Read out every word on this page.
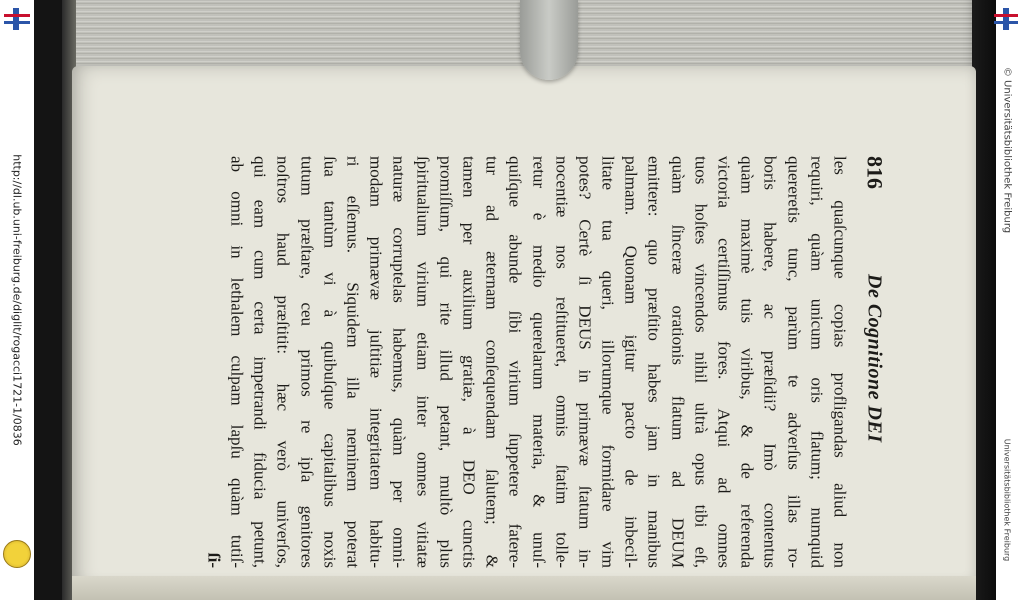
http://dl.ub.uni-freiburg.de/diglit/rogacci1721-1/0836
© Universitätsbibliothek Freiburg
Universitätsbibliothek Freiburg
816
De Cognitione DEI
les quaſcunque copias profligandas aliud non
requiri, quàm unicum oris flatum; numquid
quereretis tunc, parùm te adverſus illas ro-
boris habere, ac præſidii? Imò contentus
quàm maximè tuis viribus, & de referenda
victoria certiſſimus fores. Atqui ad omnes
tuos hoſtes vincendos nihil ultrà opus tibi eſt,
quàm ſinceræ orationis flatum ad DEUM
emittere: quo præſtito habes jam in manibus
palmam. Quonam igitur pacto de inbecil-
litate tua queri, illorumque formidare vim
potes? Certè ſi DEUS in primævæ ſtatum in-
nocentiæ nos reſtitueret, omnis ſtatim tolle-
retur è medio querelarum materia, & unuſ-
quiſque abunde ſibi virium ſuppetere fatere-
tur ad æternam conſequendam ſalutem; &
tamen per auxilium gratiæ, à DEO cunctis
promiſſum, qui rite illud petant, multò plus
ſpiritualium virium etiam inter omnes vitiatæ
naturæ corruptelas habemus, quàm per omni-
modam primævæ juſtitiæ integritatem habitu-
ri eſſemus. Siquidem illa neminem poterat
ſua tantùm vi à quibuſque capitalibus noxis
tutum præſtare, ceu primos re ipſa genitores
noſtros haud præſtitit: hæc verò univerſos,
qui eam cum certa impetrandi fiducia petunt,
ab omni in lethalem culpam lapſu quàm tutiſ-
ſi-
